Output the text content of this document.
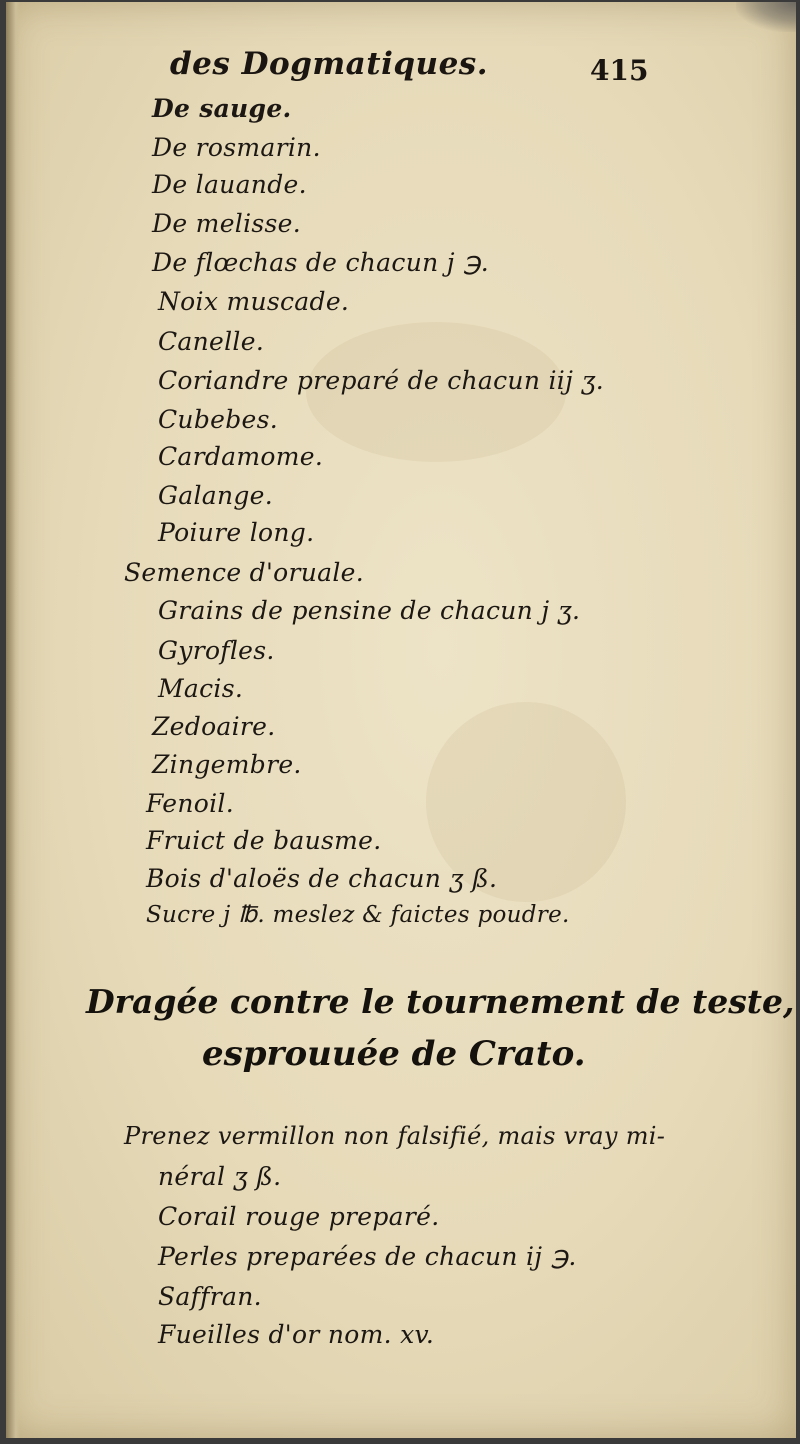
des Dogmatiques.	415
De sauge.
De rosmarin.
De lauande.
De melisse.
De flœchas de chacun j ℈.
Noix muscade.
Canelle.
Coriandre preparé de chacun iij ʒ.
Cubebes.
Cardamome.
Galange.
Poiure long.
Semence d'oruale.
Grains de pensine de chacun j ʒ.
Gyrofles.
Macis.
Zedoaire.
Zingembre.
Fenoil.
Fruict de bausme.
Bois d'aloës de chacun ʒ ß.
Sucre j ℔. meslez & faictes poudre.
Dragée contre le tournement de teste,
esprouuée de Crato.
Prenez vermillon non falsifié, mais vray mi-
néral ʒ ß.
Corail rouge preparé.
Perles preparées de chacun ij ℈.
Saffran.
Fueilles d'or nom. xv.
